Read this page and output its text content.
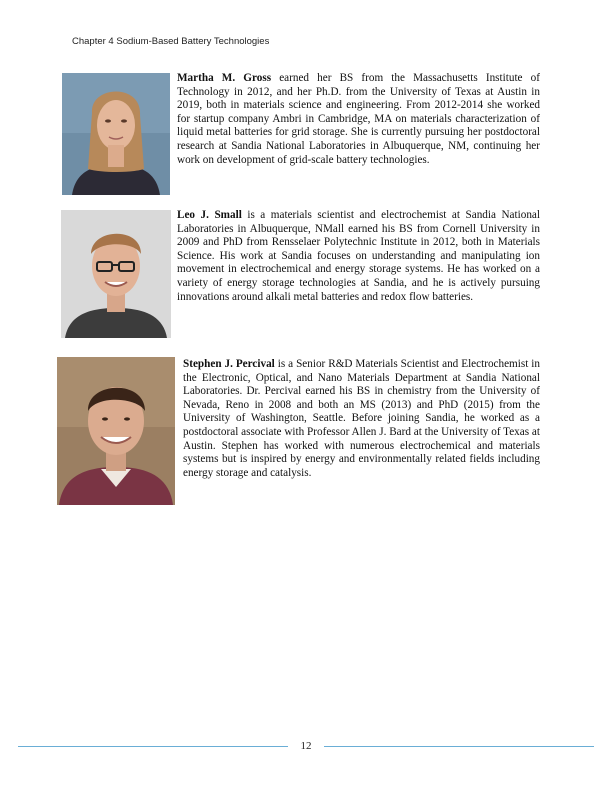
Chapter 4 Sodium-Based Battery Technologies

Martha M. Gross earned her BS from the Massachusetts Institute of Technology in 2012, and her Ph.D. from the University of Texas at Austin in 2019, both in materials science and engineering. From 2012-2014 she worked for startup company Ambri in Cambridge, MA on materials characterization of liquid metal batteries for grid storage. She is currently pursuing her postdoctoral research at Sandia National Laboratories in Albuquerque, NM, continuing her work on development of grid-scale battery technologies.

Leo J. Small is a materials scientist and electrochemist at Sandia National Laboratories in Albuquerque, NMall earned his BS from Cornell University in 2009 and PhD from Rensselaer Polytechnic Institute in 2012, both in Materials Science. His work at Sandia focuses on understanding and manipulating ion movement in electrochemical and energy storage systems. He has worked on a variety of energy storage technologies at Sandia, and he is actively pursuing innovations around alkali metal batteries and redox flow batteries.

Stephen J. Percival is a Senior R&D Materials Scientist and Electrochemist in the Electronic, Optical, and Nano Materials Department at Sandia National Laboratories. Dr. Percival earned his BS in chemistry from the University of Nevada, Reno in 2008 and both an MS (2013) and PhD (2015) from the University of Washington, Seattle. Before joining Sandia, he worked as a postdoctoral associate with Professor Allen J. Bard at the University of Texas at Austin. Stephen has worked with numerous electrochemical and materials systems but is inspired by energy and environmentally related fields including energy storage and catalysis.

12
